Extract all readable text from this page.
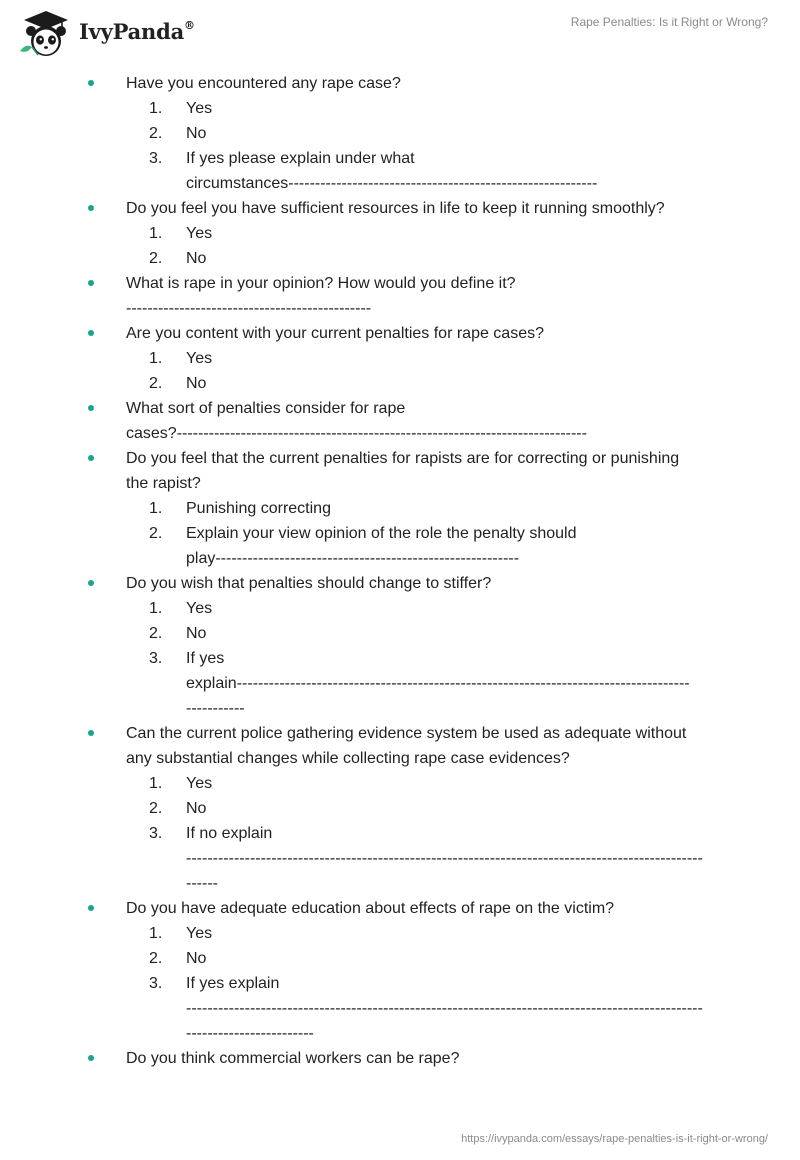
IvyPanda®	Rape Penalties: Is it Right or Wrong?

Have you encountered any rape case?

1. Yes
2. No
3. If yes please explain under what
circumstances----------------------------------------------------------

Do you feel you have sufficient resources in life to keep it running smoothly?

1. Yes
2. No

What is rape in your opinion? How would you define it?
----------------------------------------------

Are you content with your current penalties for rape cases?

1. Yes
2. No

What sort of penalties consider for rape
cases?-----------------------------------------------------------------------------

Do you feel that the current penalties for rapists are for correcting or punishing
the rapist?

1. Punishing correcting
2. Explain your view opinion of the role the penalty should
play---------------------------------------------------------

Do you wish that penalties should change to stiffer?

1. Yes
2. No
3. If yes
explain-------------------------------------------------------------------------------------
-----------

Can the current police gathering evidence system be used as adequate without
any substantial changes while collecting rape case evidences?

1. Yes
2. No
3. If no explain
-------------------------------------------------------------------------------------------------
------

Do you have adequate education about effects of rape on the victim?

1. Yes
2. No
3. If yes explain
-------------------------------------------------------------------------------------------------
------------------------

Do you think commercial workers can be rape?

https://ivypanda.com/essays/rape-penalties-is-it-right-or-wrong/
